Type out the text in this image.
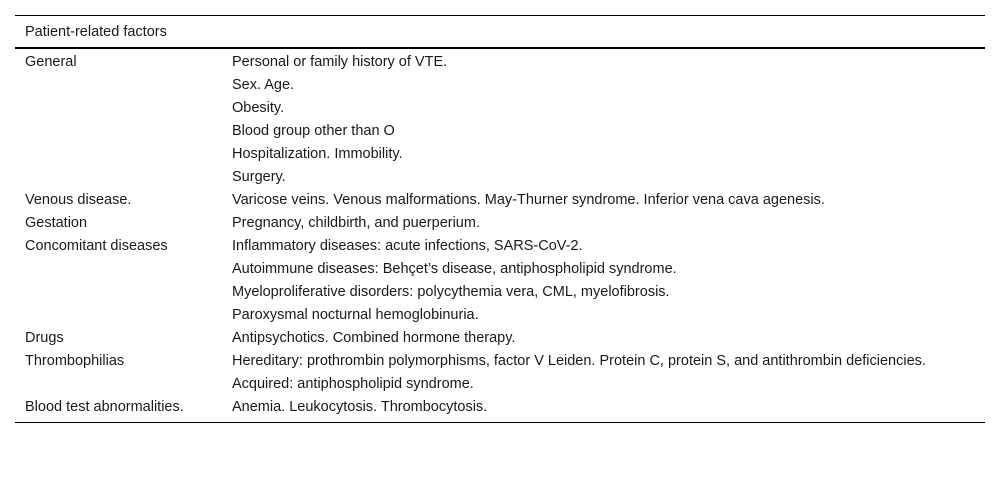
Patient-related factors	
General	Personal or family history of VTE.
	Sex. Age.
	Obesity.
	Blood group other than O
	Hospitalization. Immobility.
	Surgery.
Venous disease.	Varicose veins. Venous malformations. May-Thurner syndrome. Inferior vena cava agenesis.
Gestation	Pregnancy, childbirth, and puerperium.
Concomitant diseases	Inflammatory diseases: acute infections, SARS-CoV-2.
	Autoimmune diseases: Behçet’s disease, antiphospholipid syndrome.
	Myeloproliferative disorders: polycythemia vera, CML, myelofibrosis.
	Paroxysmal nocturnal hemoglobinuria.
Drugs	Antipsychotics. Combined hormone therapy.
Thrombophilias	Hereditary: prothrombin polymorphisms, factor V Leiden. Protein C, protein S, and antithrombin deficiencies.
	Acquired: antiphospholipid syndrome.
Blood test abnormalities.	Anemia. Leukocytosis. Thrombocytosis.
